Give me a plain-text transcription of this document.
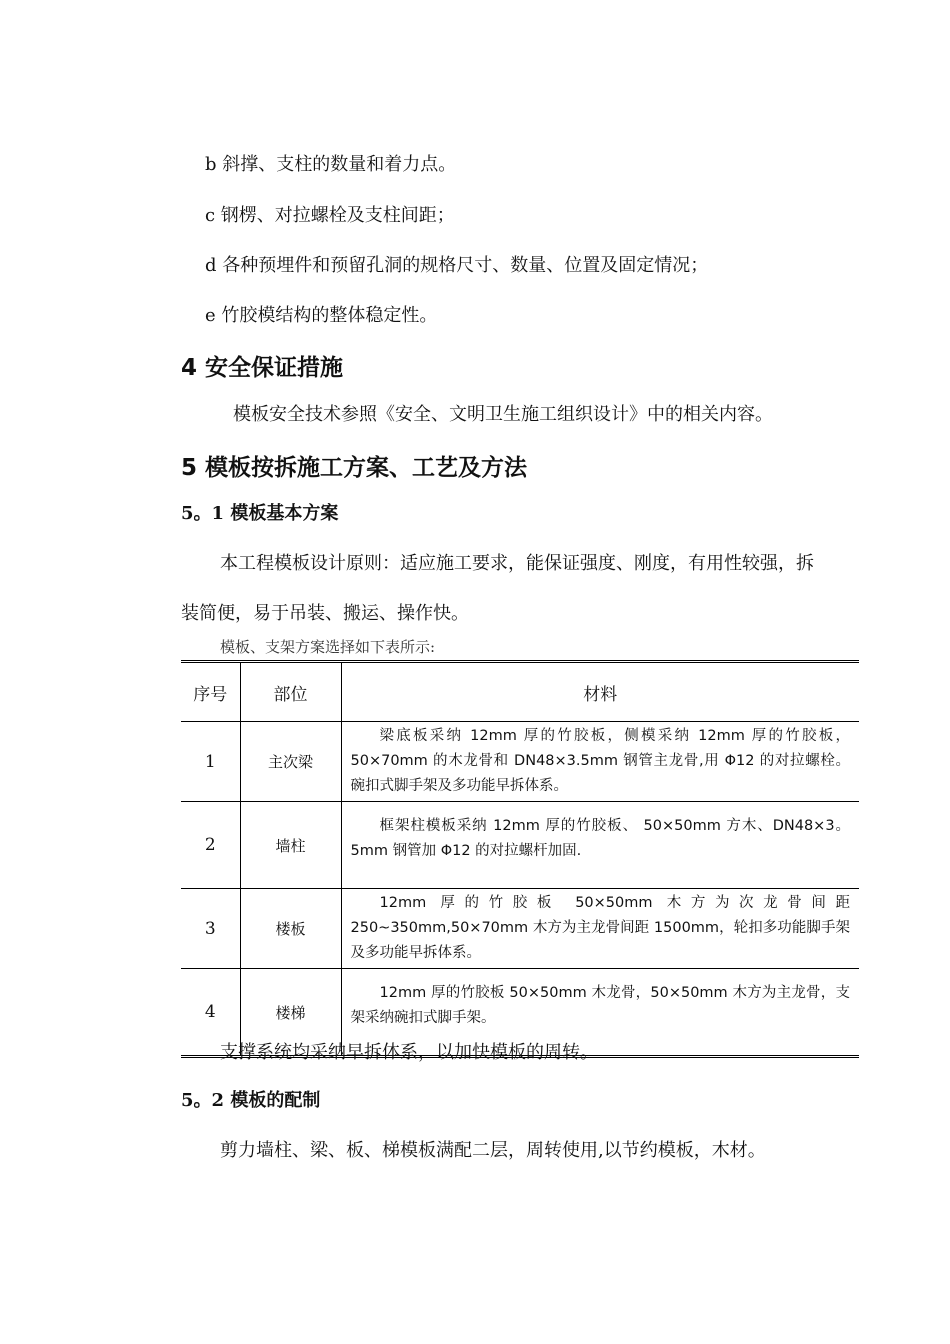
b 斜撑、支柱的数量和着力点。
c 钢楞、对拉螺栓及支柱间距；
d 各种预埋件和预留孔洞的规格尺寸、数量、位置及固定情况；
e 竹胶模结构的整体稳定性。
4 安全保证措施
模板安全技术参照《安全、文明卫生施工组织设计》中的相关内容。
5 模板按拆施工方案、工艺及方法
5。1 模板基本方案
本工程模板设计原则：适应施工要求，能保证强度、刚度，有用性较强，拆
装简便，易于吊装、搬运、操作快。
模板、支架方案选择如下表所示:
序号	部位	材料
1	主次梁	梁底板采纳 12mm 厚的竹胶板，侧模采纳 12mm 厚的竹胶板，50×70mm 的木龙骨和 DN48×3.5mm 钢管主龙骨,用 Φ12 的对拉螺栓。碗扣式脚手架及多功能早拆体系。
2	墙柱	框架柱模板采纳 12mm 厚的竹胶板、 50×50mm 方木、DN48×3。5mm 钢管加 Φ12 的对拉螺杆加固.
3	楼板	12mm 厚的竹胶板 50×50mm 木方为次龙骨间距 250~350mm,50×70mm 木方为主龙骨间距 1500mm，轮扣多功能脚手架及多功能早拆体系。
4	楼梯	12mm 厚的竹胶板 50×50mm 木龙骨，50×50mm 木方为主龙骨，支架采纳碗扣式脚手架。
支撑系统均采纳早拆体系，以加快模板的周转。
5。2 模板的配制
剪力墙柱、梁、板、梯模板满配二层，周转使用,以节约模板，木材。
